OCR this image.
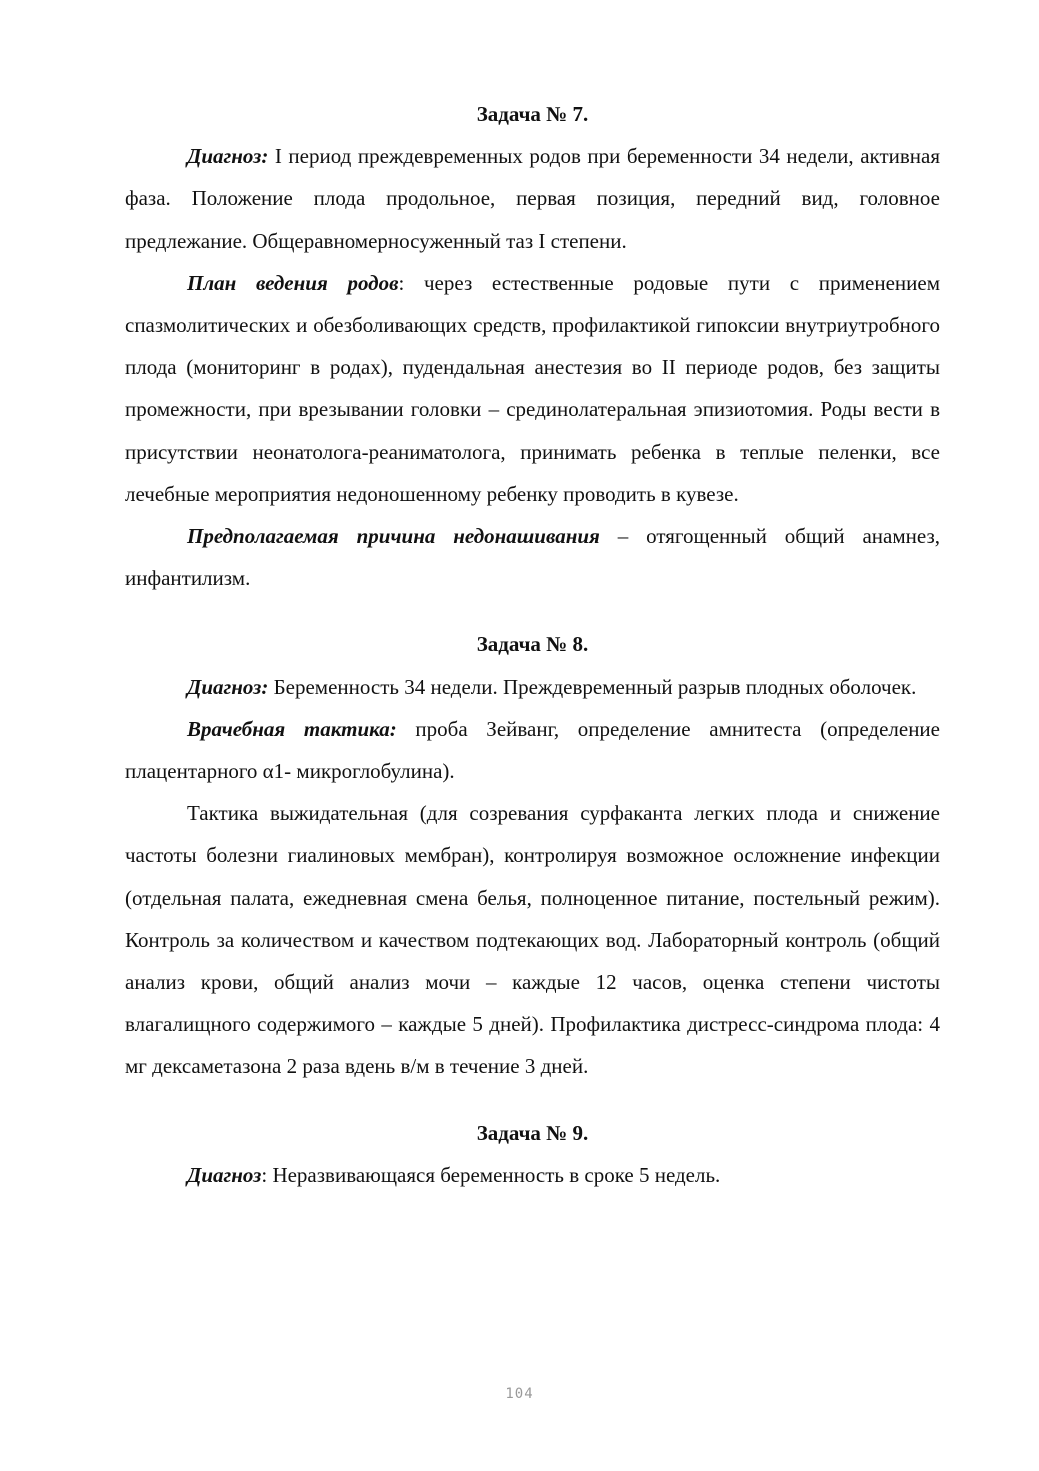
Задача № 7.

Диагноз: I период преждевременных родов при беременности 34 недели, активная фаза. Положение плода продольное, первая позиция, передний вид, головное предлежание. Общеравномерносуженный таз I степени.

План ведения родов: через естественные родовые пути с применением спазмолитических и обезболивающих средств, профилактикой гипоксии внутриутробного плода (мониторинг в родах), пудендальная анестезия во II периоде родов, без защиты промежности, при врезывании головки – срединолатеральная эпизиотомия. Роды вести в присутствии неонатолога-реаниматолога, принимать ребенка в теплые пеленки, все лечебные мероприятия недоношенному ребенку проводить в кувезе.

Предполагаемая причина недонашивания – отягощенный общий анамнез, инфантилизм.

Задача № 8.

Диагноз: Беременность 34 недели. Преждевременный разрыв плодных оболочек.

Врачебная тактика: проба Зейванг, определение амнитеста (определение плацентарного α1- микроглобулина).

Тактика выжидательная (для созревания сурфаканта легких плода и снижение частоты болезни гиалиновых мембран), контролируя возможное осложнение инфекции (отдельная палата, ежедневная смена белья, полноценное питание, постельный режим). Контроль за количеством и качеством подтекающих вод. Лабораторный контроль (общий анализ крови, общий анализ мочи – каждые 12 часов, оценка степени чистоты влагалищного содержимого – каждые 5 дней). Профилактика дистресс-синдрома плода: 4 мг дексаметазона 2 раза вдень в/м в течение 3 дней.

Задача № 9.

Диагноз: Неразвивающаяся беременность в сроке 5 недель.

104
